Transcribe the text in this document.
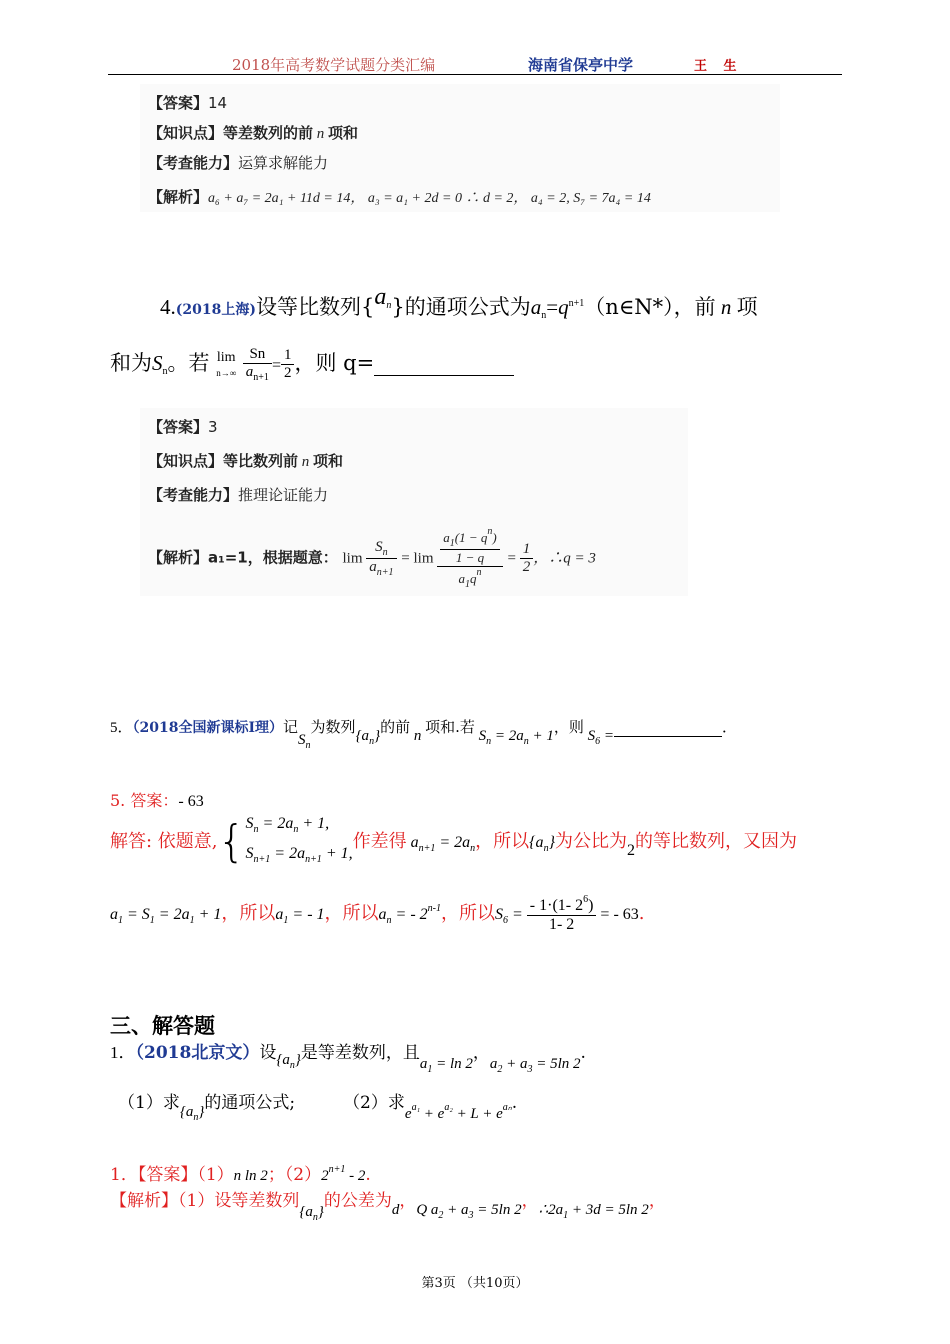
2018年高考数学试题分类汇编	海南省保亭中学	王 生
【答案】14
【知识点】等差数列的前 n 项和
【考查能力】运算求解能力
【解析】a₆ + a₇ = 2a₁ + 11d = 14， a₃ = a₁ + 2d = 0 ∴ d = 2， a₄ = 2, S₇ = 7a₄ = 14
4.(2018上海)设等比数列$\{a_n\}$的通项公式为$a_n=q^{n+1}(n\in N*)$，前 n 项
和为$S_n$。若 lim
$n\to\infty \frac{Sn}{a_{n+1}} = \frac{1}{2}$ ，则 q=
【答案】3
【知识点】等比数列前 n 项和
【考查能力】推理论证能力
【解析】a₁=1，根据题意： $\lim \frac{S_n}{a_{n+1}} = \lim \frac{\frac{a_1(1 - q^n)}{1 - q}}{a_1q^n} = \frac{1}{2}$ ，∴q = 3
5．（2018全国新课标Ⅰ理）记$S_n$为数列$\{a_n\}$的前 n 项和.若 $S_n = 2a_n + 1$，则 $S_6$ =	．
5. 答案：- 63
解答: 依题意$,\{S_n = 2a_n + 1$,
$S_{n+1} = 2a_{n+1} + 1$,作差得 $a_{n+1} = 2a_n$，所以$\{a_n\}$为公比为2的等比数列，又因为
$a_1 = S_1 = 2a_1 + 1$，所以$a_1$ = - 1，所以$a_n$ = - 2$^{n-1}$，所以$S_6 = \frac{- 1\cdot(1- 2^6)}{1- 2}$ = - 63.
三、解答题
1．（2018北京文）设$\{a_n\}$是等差数列，且$a_1 = \ln 2$，$a_2 + a_3 = 5\ln$ 2.
（1）求$\{a_n\}$的通项公式;	（2）求$e^{a_1} + e^{a_2} + L + e^{a_n}$.
1．【答案】（1）n ln 2；$(2)2^{n+1} - 2$.
【解析】（1）设等差数列$\{a_n\}$的公差为d，Q $a_2 + a_3 = 5\ln$ 2，$\therefore 2a_1 + 3d = 5\ln$ 2，
第3页 （共10页）
